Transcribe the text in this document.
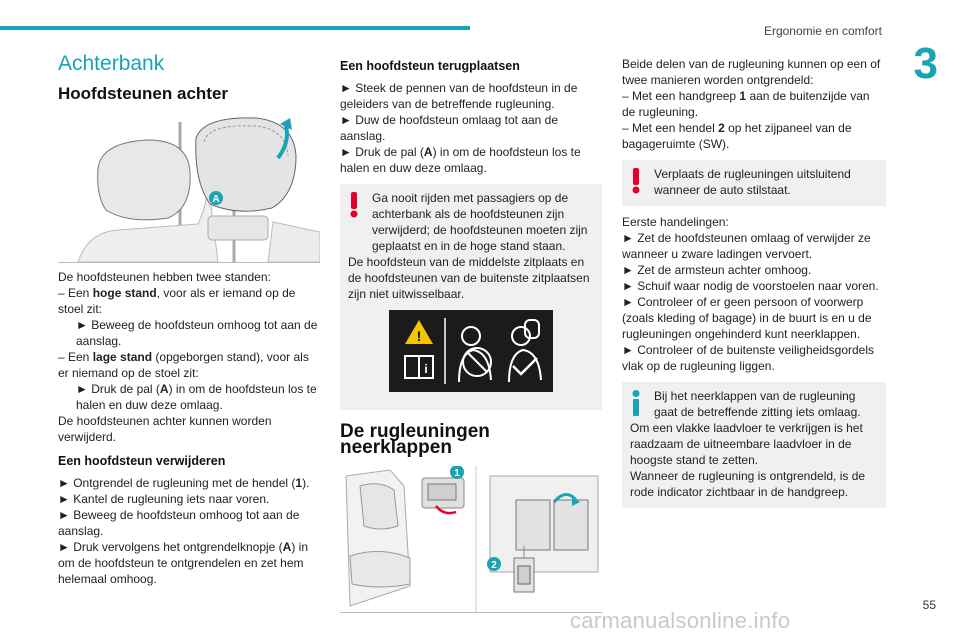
Ergonomie en comfort
3
Achterbank
Hoofdsteunen achter
A

De hoofdsteunen hebben twee standen:

– Een hoge stand, voor als er iemand op de stoel zit:

► Beweeg de hoofdsteun omhoog tot aan de aanslag.

– Een lage stand (opgeborgen stand), voor als er niemand op de stoel zit:

► Druk de pal (A) in om de hoofdsteun los te halen en duw deze omlaag.

De hoofdsteunen achter kunnen worden verwijderd.

Een hoofdsteun verwijderen

► Ontgrendel de rugleuning met de hendel (1).

► Kantel de rugleuning iets naar voren.

► Beweeg de hoofdsteun omhoog tot aan de aanslag.

► Druk vervolgens het ontgrendelknopje (A) in om de hoofdsteun te ontgrendelen en zet hem helemaal omhoog.

Een hoofdsteun terugplaatsen

► Steek de pennen van de hoofdsteun in de geleiders van de betreffende rugleuning.

► Duw de hoofdsteun omlaag tot aan de aanslag.

► Druk de pal (A) in om de hoofdsteun los te halen en duw deze omlaag.

Ga nooit rijden met passagiers op de achterbank als de hoofdsteunen zijn verwijderd; de hoofdsteunen moeten zijn geplaatst en in de hoge stand staan.

De hoofdsteun van de middelste zitplaats en de hoofdsteunen van de buitenste zitplaatsen zijn niet uitwisselbaar.

!
i
De rugleuningen neerklappen
1
2

Beide delen van de rugleuning kunnen op een of twee manieren worden ontgrendeld:

– Met een handgreep 1 aan de buitenzijde van de rugleuning.

– Met een hendel 2 op het zijpaneel van de bagageruimte (SW).

Verplaats de rugleuningen uitsluitend wanneer de auto stilstaat.

Eerste handelingen:

► Zet de hoofdsteunen omlaag of verwijder ze wanneer u zware ladingen vervoert.

► Zet de armsteun achter omhoog.

► Schuif waar nodig de voorstoelen naar voren.

► Controleer of er geen persoon of voorwerp (zoals kleding of bagage) in de buurt is en u de rugleuningen ongehinderd kunt neerklappen.

► Controleer of de buitenste veiligheidsgordels vlak op de rugleuning liggen.

Bij het neerklappen van de rugleuning gaat de betreffende zitting iets omlaag.

Om een vlakke laadvloer te verkrijgen is het raadzaam de uitneembare laadvloer in de hoogste stand te zetten.

Wanneer de rugleuning is ontgrendeld, is de rode indicator zichtbaar in de handgreep.

55
carmanualsonline.info
